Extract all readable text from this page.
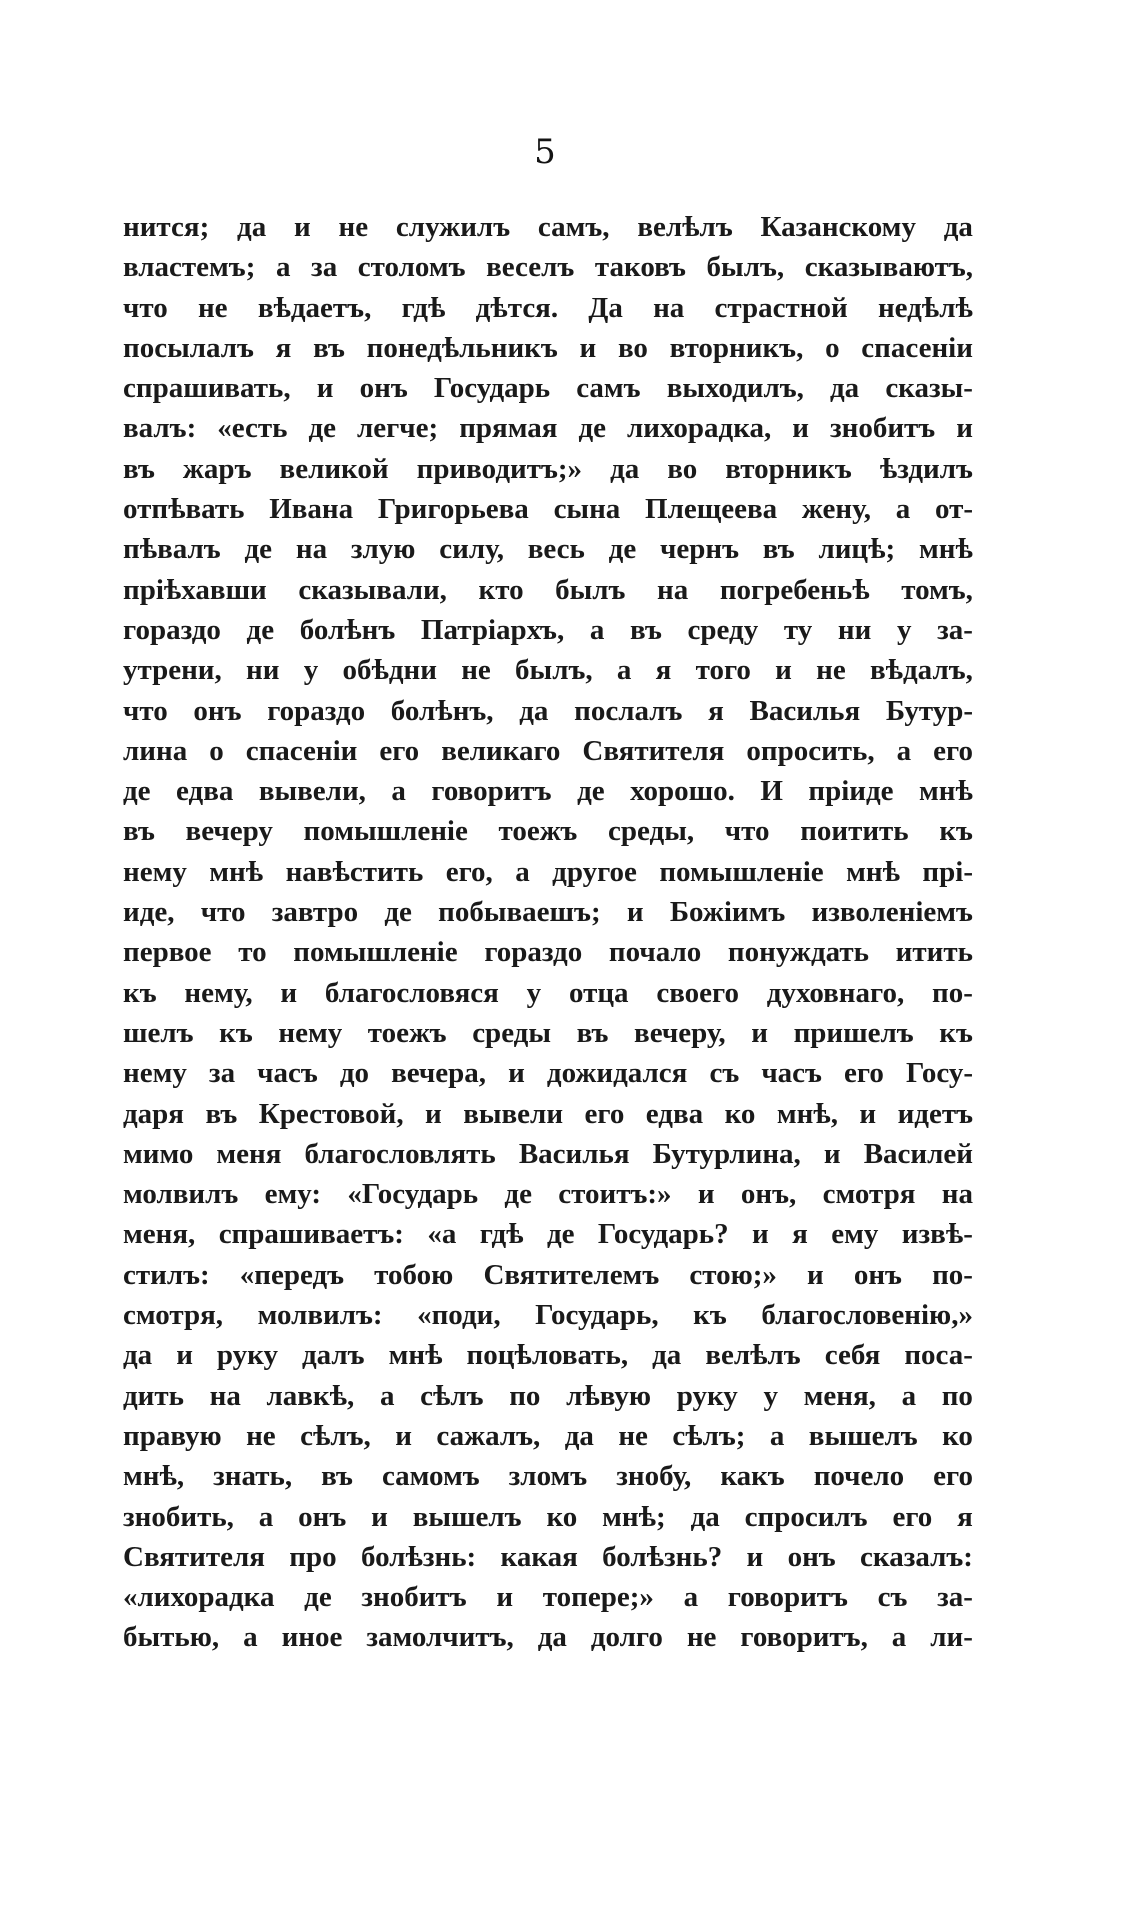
5
нится; да и не служилъ самъ, велѣлъ Казанскому да
властемъ; а за столомъ веселъ таковъ былъ, сказываютъ,
что не вѣдаетъ, гдѣ дѣтся. Да на страстной недѣлѣ
посылалъ я въ понедѣльникъ и во вторникъ, о спасеніи
спрашивать, и онъ Государь самъ выходилъ, да сказы-
валъ: «есть де легче; прямая де лихорадка, и знобитъ и
въ жаръ великой приводитъ;» да во вторникъ ѣздилъ
отпѣвать Ивана Григорьева сына Плещеева жену, а от-
пѣвалъ де на злую силу, весь де чернъ въ лицѣ; мнѣ
пріѣхавши сказывали, кто былъ на погребеньѣ томъ,
гораздо де болѣнъ Патріархъ, а въ среду ту ни у за-
утрени, ни у обѣдни не былъ, а я того и не вѣдалъ,
что онъ гораздо болѣнъ, да послалъ я Василья Бутур-
лина о спасеніи его великаго Святителя опросить, а его
де едва вывели, а говоритъ де хорошо. И пріиде мнѣ
въ вечеру помышленіе тоежъ среды, что поитить къ
нему мнѣ навѣстить его, а другое помышленіе мнѣ прі-
иде, что завтро де побываешъ; и Божіимъ изволеніемъ
первое то помышленіе гораздо почало понуждать итить
къ нему, и благословяся у отца своего духовнаго, по-
шелъ къ нему тоежъ среды въ вечеру, и пришелъ къ
нему за часъ до вечера, и дожидался съ часъ его Госу-
даря въ Крестовой, и вывели его едва ко мнѣ, и идетъ
мимо меня благословлять Василья Бутурлина, и Василей
молвилъ ему: «Государь де стоитъ:» и онъ, смотря на
меня, спрашиваетъ: «а гдѣ де Государь? и я ему извѣ-
стилъ: «передъ тобою Святителемъ стою;» и онъ по-
смотря, молвилъ: «поди, Государь, къ благословенію,»
да и руку далъ мнѣ поцѣловать, да велѣлъ себя поса-
дить на лавкѣ, а сѣлъ по лѣвую руку у меня, а по
правую не сѣлъ, и сажалъ, да не сѣлъ; а вышелъ ко
мнѣ, знать, въ самомъ зломъ знобу, какъ почело его
знобить, а онъ и вышелъ ко мнѣ; да спросилъ его я
Святителя про болѣзнь: какая болѣзнь? и онъ сказалъ:
«лихорадка де знобитъ и топере;» а говоритъ съ за-
бытью, а иное замолчитъ, да долго не говоритъ, а ли-
